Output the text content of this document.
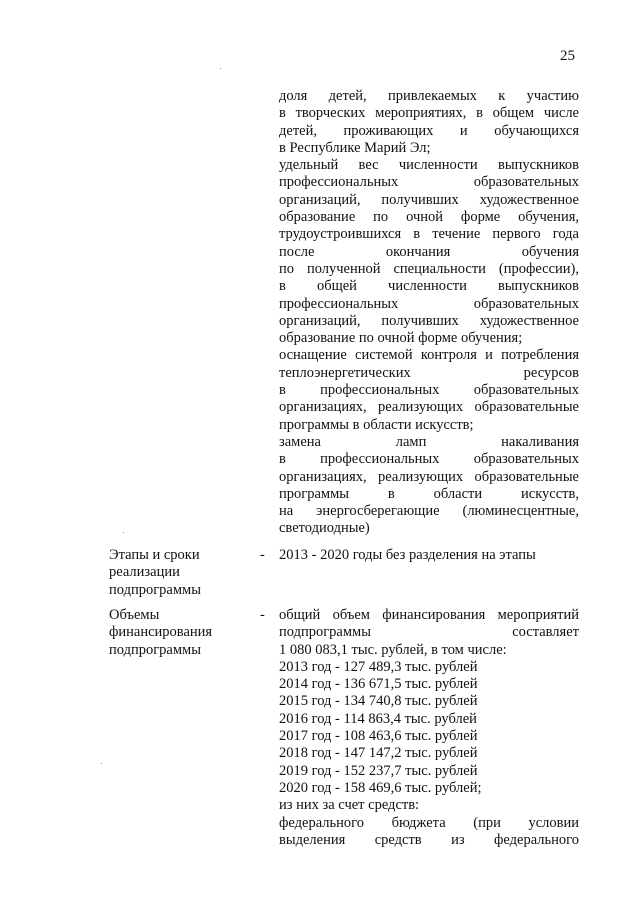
25
доля детей, привлекаемых к участию
в творческих мероприятиях, в общем числе
детей, проживающих и обучающихся
в Республике Марий Эл;
удельный вес численности выпускников
профессиональных образовательных
организаций, получивших художественное
образование по очной форме обучения,
трудоустроившихся в течение первого года
после окончания обучения
по полученной специальности (профессии),
в общей численности выпускников
профессиональных образовательных
организаций, получивших художественное
образование по очной форме обучения;
оснащение системой контроля и потребления
теплоэнергетических ресурсов
в профессиональных образовательных
организациях, реализующих образовательные
программы в области искусств;
замена ламп накаливания
в профессиональных образовательных
организациях, реализующих образовательные
программы в области искусств,
на энергосберегающие (люминесцентные,
светодиодные)
Этапы и сроки
реализации
подпрограммы
- 2013 - 2020 годы без разделения на этапы
Объемы
финансирования
подпрограммы
- общий объем финансирования мероприятий
подпрограммы составляет
1 080 083,1 тыс. рублей, в том числе:
2013 год - 127 489,3 тыс. рублей
2014 год - 136 671,5 тыс. рублей
2015 год - 134 740,8 тыс. рублей
2016 год - 114 863,4 тыс. рублей
2017 год - 108 463,6 тыс. рублей
2018 год - 147 147,2 тыс. рублей
2019 год - 152 237,7 тыс. рублей
2020 год - 158 469,6 тыс. рублей;
из них за счет средств:
федерального бюджета (при условии
выделения средств из федерального
